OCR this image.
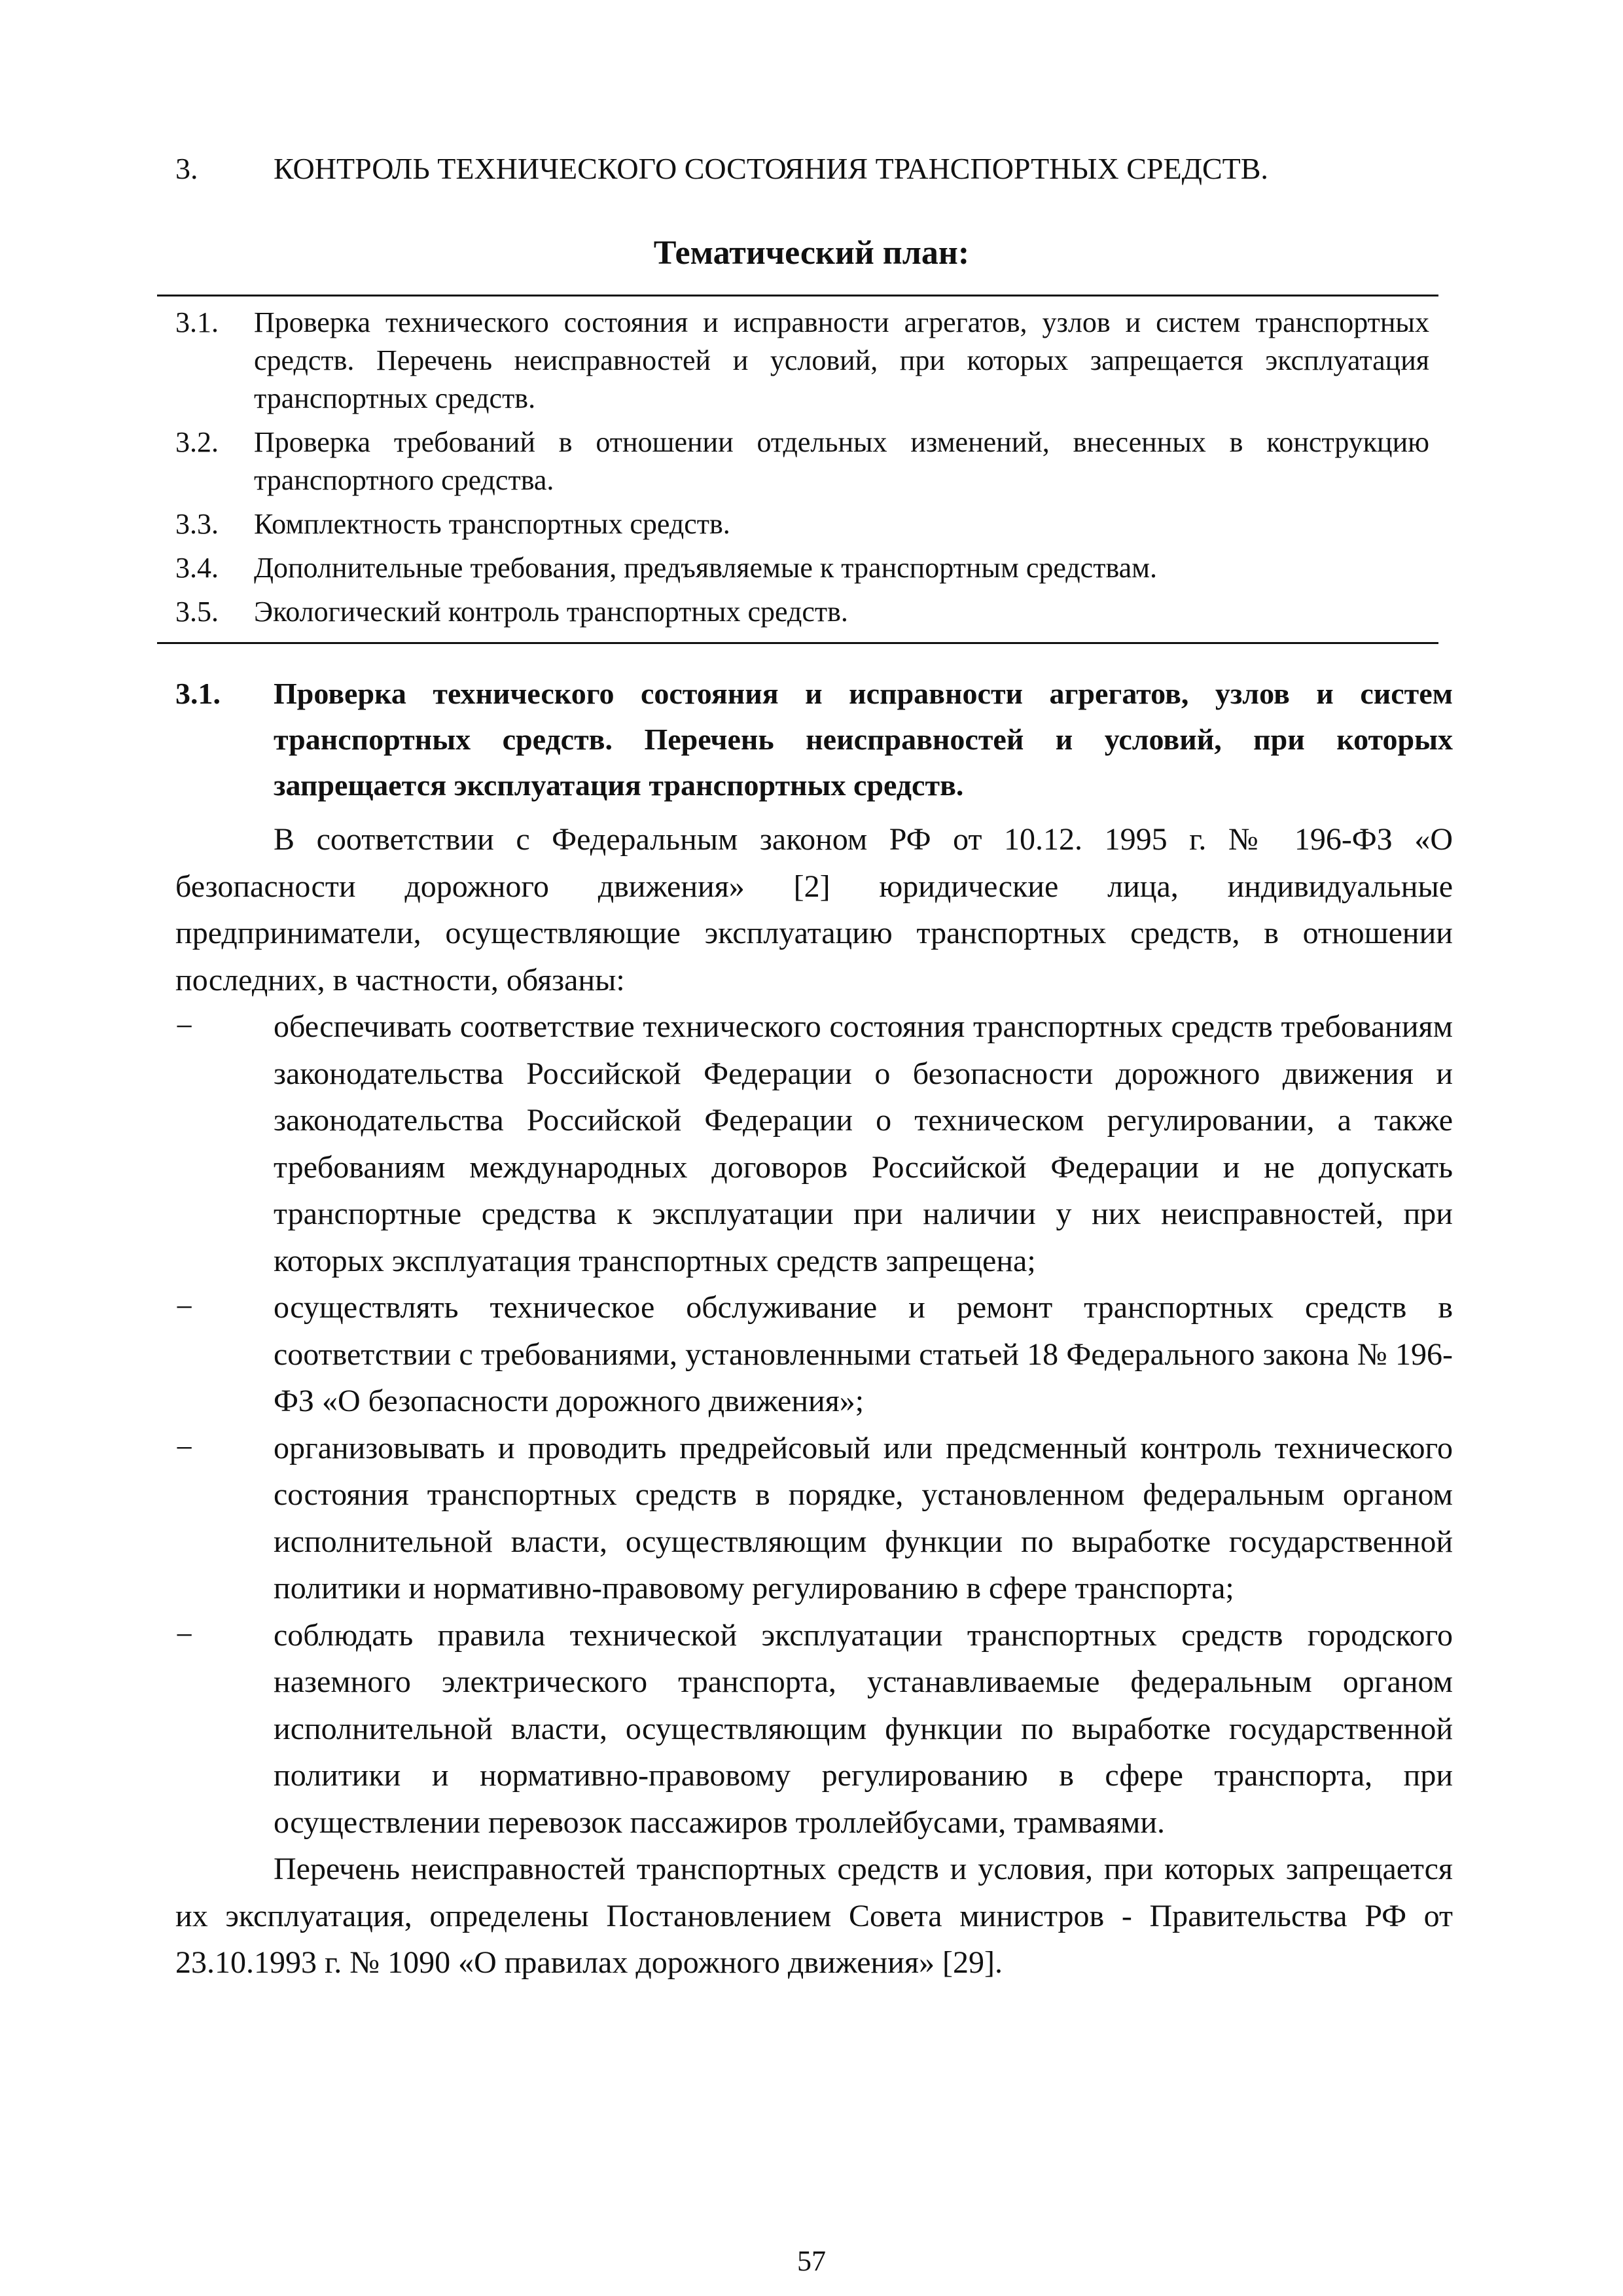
3.	КОНТРОЛЬ ТЕХНИЧЕСКОГО СОСТОЯНИЯ ТРАНСПОРТНЫХ СРЕДСТВ.
Тематический план:
3.1.	Проверка технического состояния и исправности агрегатов, узлов и систем транспортных средств. Перечень неисправностей и условий, при которых запрещается эксплуатация транспортных средств.
3.2.	Проверка требований в отношении отдельных изменений, внесенных в конструкцию транспортного средства.
3.3.	Комплектность транспортных средств.
3.4.	Дополнительные требования, предъявляемые к транспортным средствам.
3.5.	Экологический контроль транспортных средств.
3.1.	Проверка технического состояния и исправности агрегатов, узлов и систем транспортных средств. Перечень неисправностей и условий, при которых запрещается эксплуатация транспортных средств.

В соответствии с Федеральным законом РФ от 10.12. 1995 г. № 196-ФЗ «О безопасности дорожного движения» [2] юридические лица, индивидуальные предприниматели, осуществляющие эксплуатацию транспортных средств, в отношении последних, в частности, обязаны:

−	обеспечивать соответствие технического состояния транспортных средств требованиям законодательства Российской Федерации о безопасности дорожного движения и законодательства Российской Федерации о техническом регулировании, а также требованиям международных договоров Российской Федерации и не допускать транспортные средства к эксплуатации при наличии у них неисправностей, при которых эксплуатация транспортных средств запрещена;
−	осуществлять техническое обслуживание и ремонт транспортных средств в соответствии с требованиями, установленными статьей 18 Федерального закона № 196-ФЗ «О безопасности дорожного движения»;
−	организовывать и проводить предрейсовый или предсменный контроль технического состояния транспортных средств в порядке, установленном федеральным органом исполнительной власти, осуществляющим функции по выработке государственной политики и нормативно-правовому регулированию в сфере транспорта;
−	соблюдать правила технической эксплуатации транспортных средств городского наземного электрического транспорта, устанавливаемые федеральным органом исполнительной власти, осуществляющим функции по выработке государственной политики и нормативно-правовому регулированию в сфере транспорта, при осуществлении перевозок пассажиров троллейбусами, трамваями.

Перечень неисправностей транспортных средств и условия, при которых запрещается их эксплуатация, определены Постановлением Совета министров - Правительства РФ от 23.10.1993 г. № 1090 «О правилах дорожного движения» [29].

57
